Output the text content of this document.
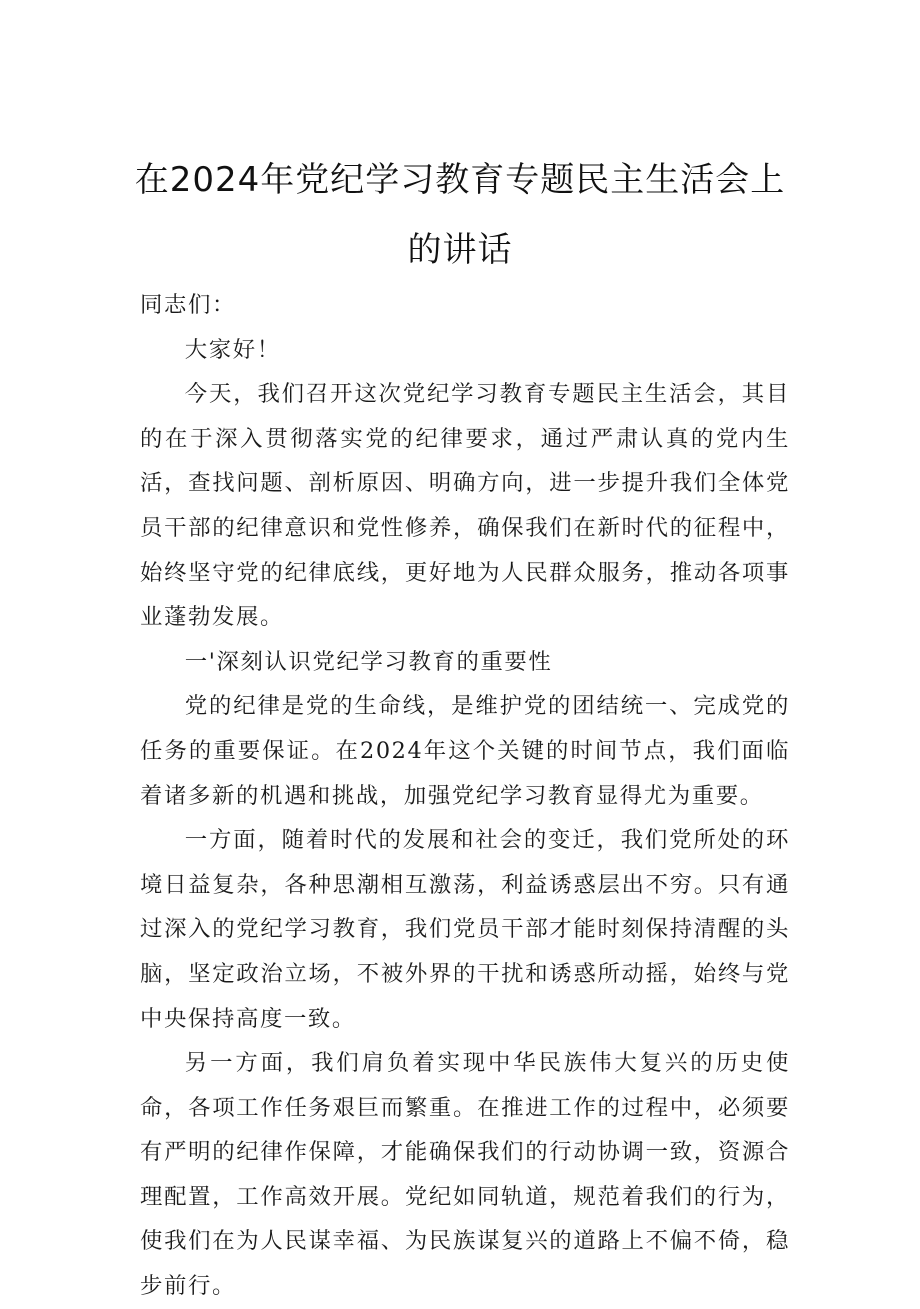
在2024年党纪学习教育专题民主生活会上
的讲话

同志们：

大家好！

今天，我们召开这次党纪学习教育专题民主生活会，其目的在于深入贯彻落实党的纪律要求，通过严肃认真的党内生活，查找问题、剖析原因、明确方向，进一步提升我们全体党员干部的纪律意识和党性修养，确保我们在新时代的征程中，始终坚守党的纪律底线，更好地为人民群众服务，推动各项事业蓬勃发展。

一'深刻认识党纪学习教育的重要性

党的纪律是党的生命线，是维护党的团结统一、完成党的任务的重要保证。在2024年这个关键的时间节点，我们面临着诸多新的机遇和挑战，加强党纪学习教育显得尤为重要。

一方面，随着时代的发展和社会的变迁，我们党所处的环境日益复杂，各种思潮相互激荡，利益诱惑层出不穷。只有通过深入的党纪学习教育，我们党员干部才能时刻保持清醒的头脑，坚定政治立场，不被外界的干扰和诱惑所动摇，始终与党中央保持高度一致。

另一方面，我们肩负着实现中华民族伟大复兴的历史使命，各项工作任务艰巨而繁重。在推进工作的过程中，必须要有严明的纪律作保障，才能确保我们的行动协调一致，资源合理配置，工作高效开展。党纪如同轨道，规范着我们的行为，使我们在为人民谋幸福、为民族谋复兴的道路上不偏不倚，稳步前行。
